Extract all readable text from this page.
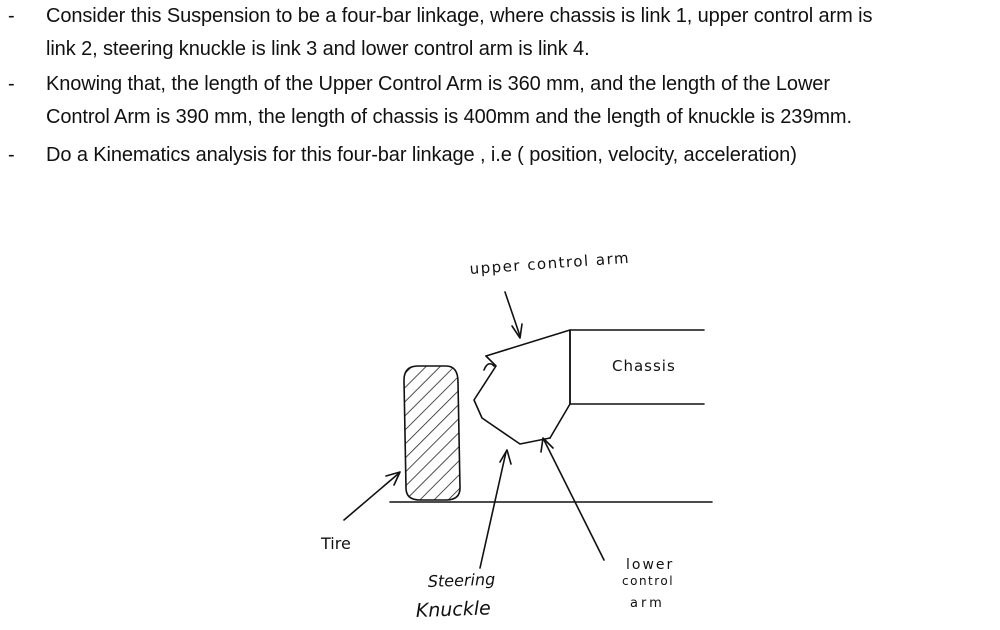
- Consider this Suspension to be a four-bar linkage, where chassis is link 1, upper control arm is
link 2, steering knuckle is link 3 and lower control arm is link 4.
- Knowing that, the length of the Upper Control Arm is 360 mm, and the length of the Lower
Control Arm is 390 mm, the length of chassis is 400mm and the length of knuckle is 239mm.
- Do a Kinematics analysis for this four-bar linkage , i.e ( position, velocity, acceleration)
upper control arm
Chassis
Tire
Steering
Knuckle
lower
control
arm
